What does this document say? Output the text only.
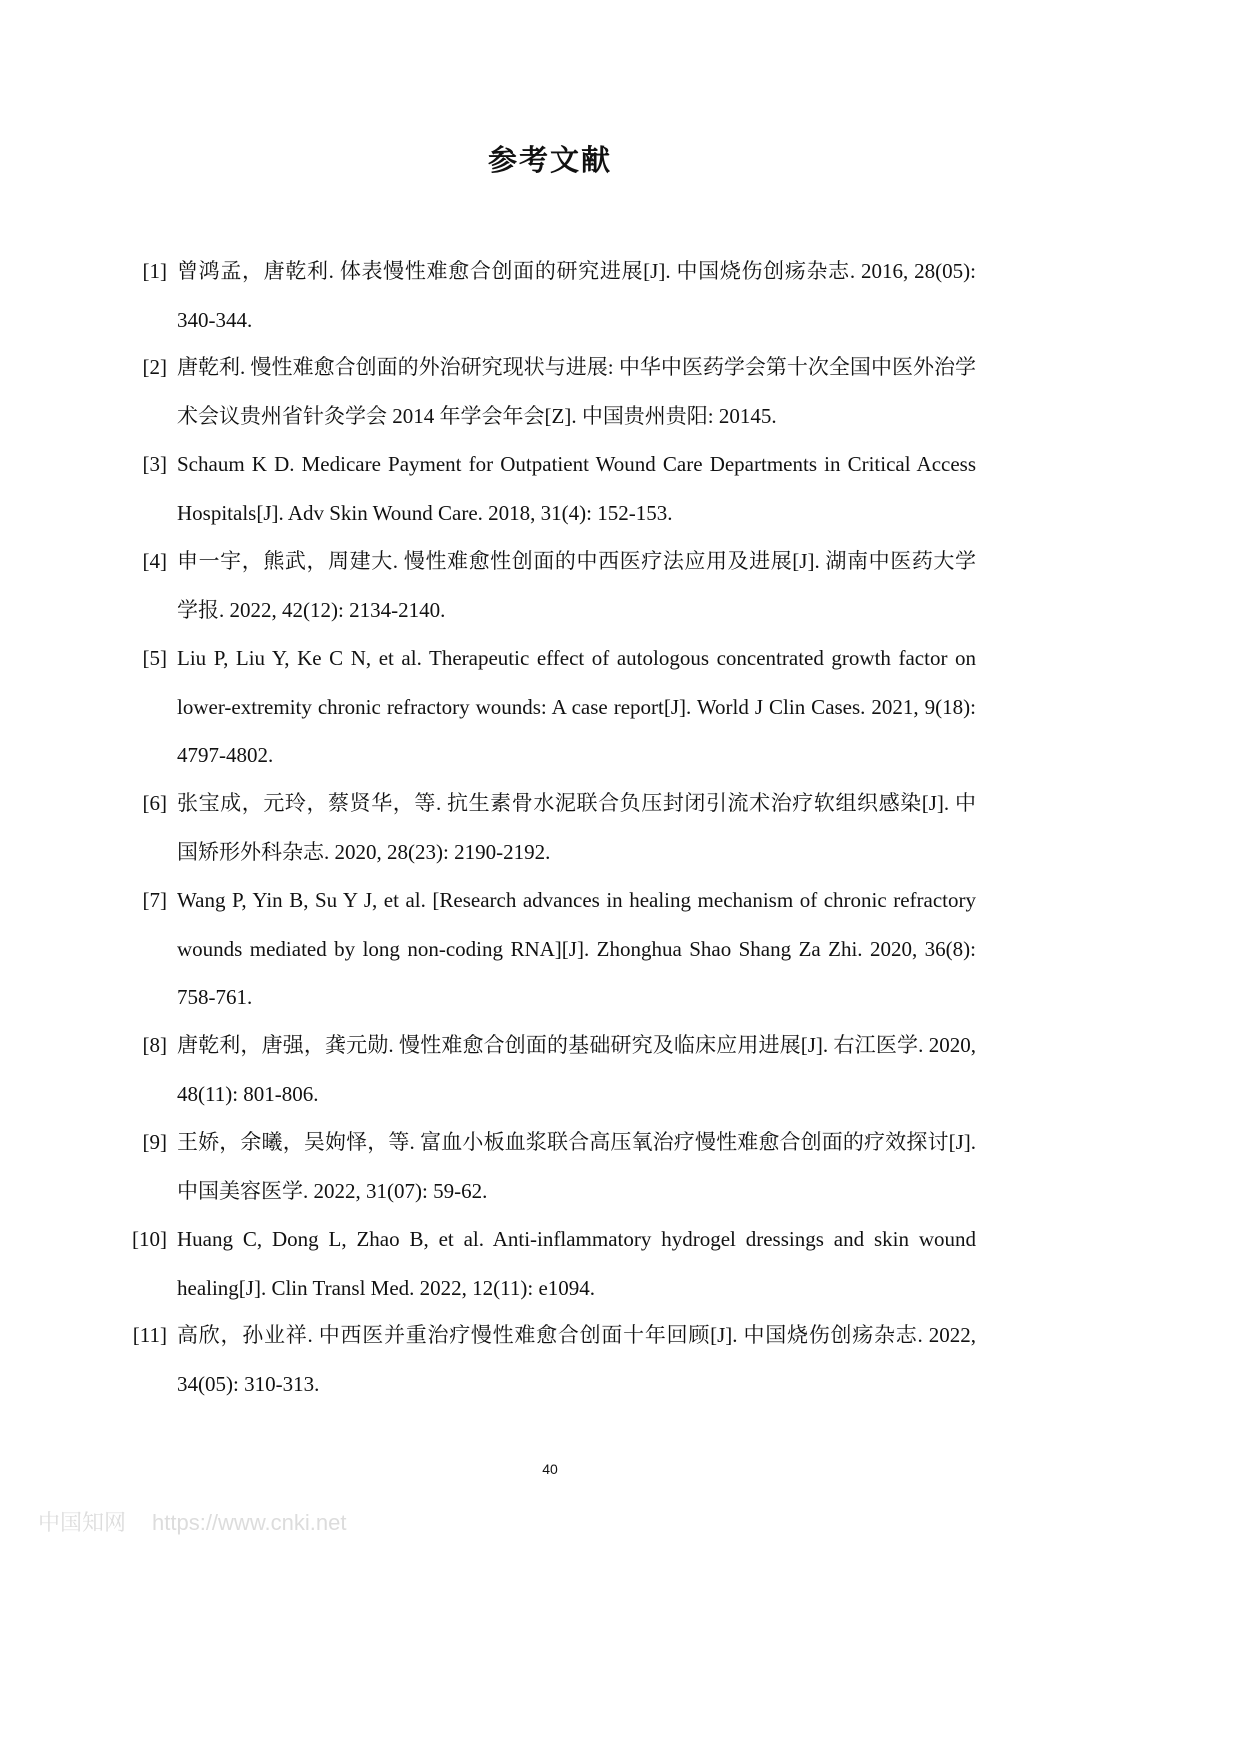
参考文献
[1] 曾鸿孟，唐乾利. 体表慢性难愈合创面的研究进展[J]. 中国烧伤创疡杂志. 2016, 28(05): 340-344.
[2] 唐乾利. 慢性难愈合创面的外治研究现状与进展: 中华中医药学会第十次全国中医外治学术会议贵州省针灸学会 2014 年学会年会[Z]. 中国贵州贵阳: 20145.
[3] Schaum K D. Medicare Payment for Outpatient Wound Care Departments in Critical Access Hospitals[J]. Adv Skin Wound Care. 2018, 31(4): 152-153.
[4] 申一宇，熊武，周建大. 慢性难愈性创面的中西医疗法应用及进展[J]. 湖南中医药大学学报. 2022, 42(12): 2134-2140.
[5] Liu P, Liu Y, Ke C N, et al. Therapeutic effect of autologous concentrated growth factor on lower-extremity chronic refractory wounds: A case report[J]. World J Clin Cases. 2021, 9(18): 4797-4802.
[6] 张宝成，元玲，蔡贤华，等. 抗生素骨水泥联合负压封闭引流术治疗软组织感染[J]. 中国矫形外科杂志. 2020, 28(23): 2190-2192.
[7] Wang P, Yin B, Su Y J, et al. [Research advances in healing mechanism of chronic refractory wounds mediated by long non-coding RNA][J]. Zhonghua Shao Shang Za Zhi. 2020, 36(8): 758-761.
[8] 唐乾利，唐强，龚元勋. 慢性难愈合创面的基础研究及临床应用进展[J]. 右江医学. 2020, 48(11): 801-806.
[9] 王娇，余曦，吴姁怿，等. 富血小板血浆联合高压氧治疗慢性难愈合创面的疗效探讨[J]. 中国美容医学. 2022, 31(07): 59-62.
[10] Huang C, Dong L, Zhao B, et al. Anti-inflammatory hydrogel dressings and skin wound healing[J]. Clin Transl Med. 2022, 12(11): e1094.
[11] 高欣，孙业祥. 中西医并重治疗慢性难愈合创面十年回顾[J]. 中国烧伤创疡杂志. 2022, 34(05): 310-313.
40
中国知网 https://www.cnki.net
